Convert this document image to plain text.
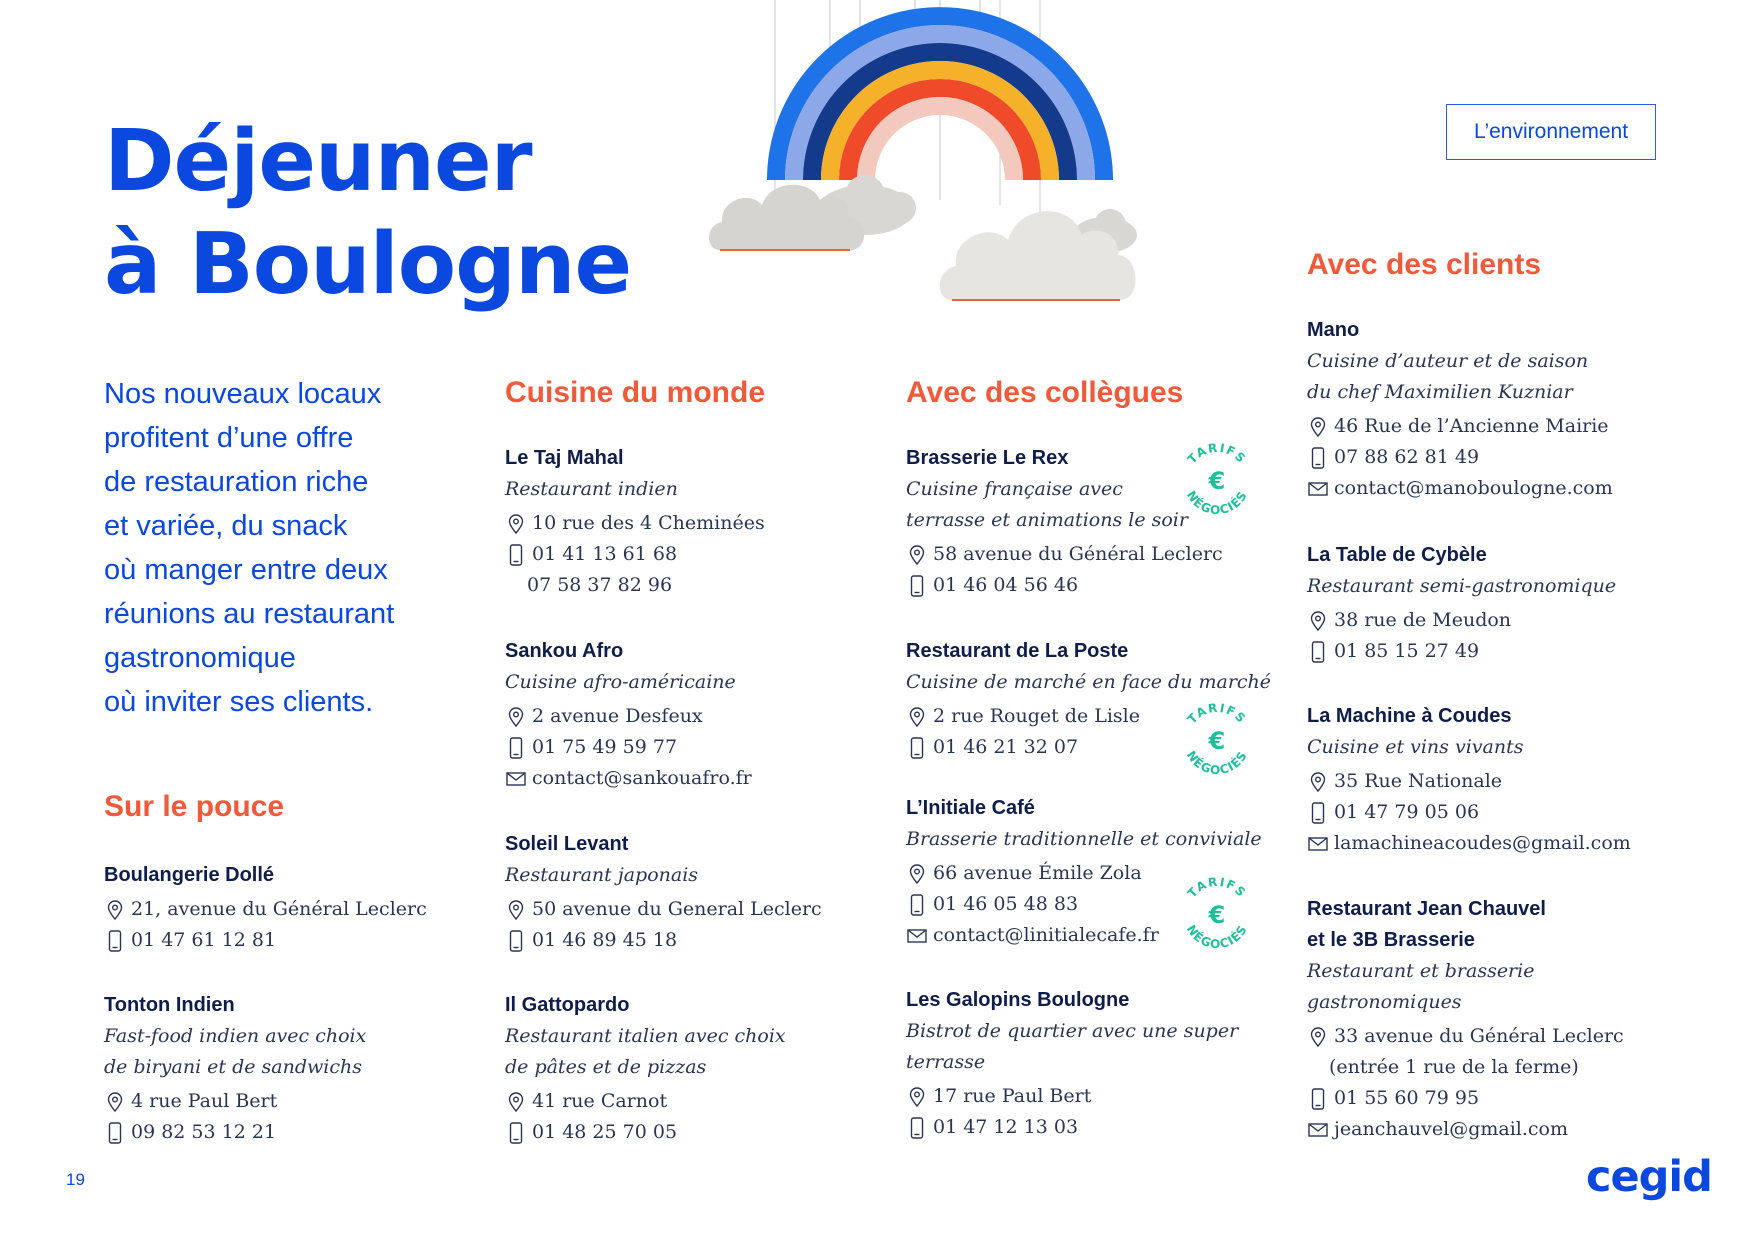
Déjeuner
à Boulogne
L’environnement
Nos nouveaux locaux
profitent d’une offre
de restauration riche
et variée, du snack
où manger entre deux
réunions au restaurant
gastronomique
où inviter ses clients.
Sur le pouce
Cuisine du monde	Avec des collègues
Avec des clients
Boulangerie Dollé
21, avenue du Général Leclerc
01 47 61 12 81
Tonton Indien
Fast-food indien avec choix
de biryani et de sandwichs
4 rue Paul Bert
09 82 53 12 21
Le Taj Mahal
Restaurant indien
10 rue des 4 Cheminées
01 41 13 61 68
07 58 37 82 96
Sankou Afro
Cuisine afro-américaine
2 avenue Desfeux
01 75 49 59 77
contact@sankouafro.fr
Soleil Levant
Restaurant japonais
50 avenue du General Leclerc
01 46 89 45 18
Il Gattopardo
Restaurant italien avec choix
de pâtes et de pizzas
41 rue Carnot
01 48 25 70 05
Brasserie Le Rex
Cuisine française avec
terrasse et animations le soir
58 avenue du Général Leclerc
01 46 04 56 46
Restaurant de La Poste
Cuisine de marché en face du marché
2 rue Rouget de Lisle
01 46 21 32 07
L’Initiale Café
Brasserie traditionnelle et conviviale
66 avenue Émile Zola
01 46 05 48 83
contact@linitialecafe.fr
Les Galopins Boulogne
Bistrot de quartier avec une super
terrasse
17 rue Paul Bert
01 47 12 13 03
Mano
Cuisine d’auteur et de saison
du chef Maximilien Kuzniar
46 Rue de l’Ancienne Mairie
07 88 62 81 49
contact@manoboulogne.com
La Table de Cybèle
Restaurant semi-gastronomique
38 rue de Meudon
01 85 15 27 49
La Machine à Coudes
Cuisine et vins vivants
35 Rue Nationale
01 47 79 05 06
lamachineacoudes@gmail.com
Restaurant Jean Chauvel
et le 3B Brasserie
Restaurant et brasserie
gastronomiques
33 avenue du Général Leclerc
(entrée 1 rue de la ferme)
01 55 60 79 95
jeanchauvel@gmail.com
TARIFS
NÉGOCIÉS
€
TARIFS
NÉGOCIÉS
€
TARIFS
NÉGOCIÉS
€
19	cegid
